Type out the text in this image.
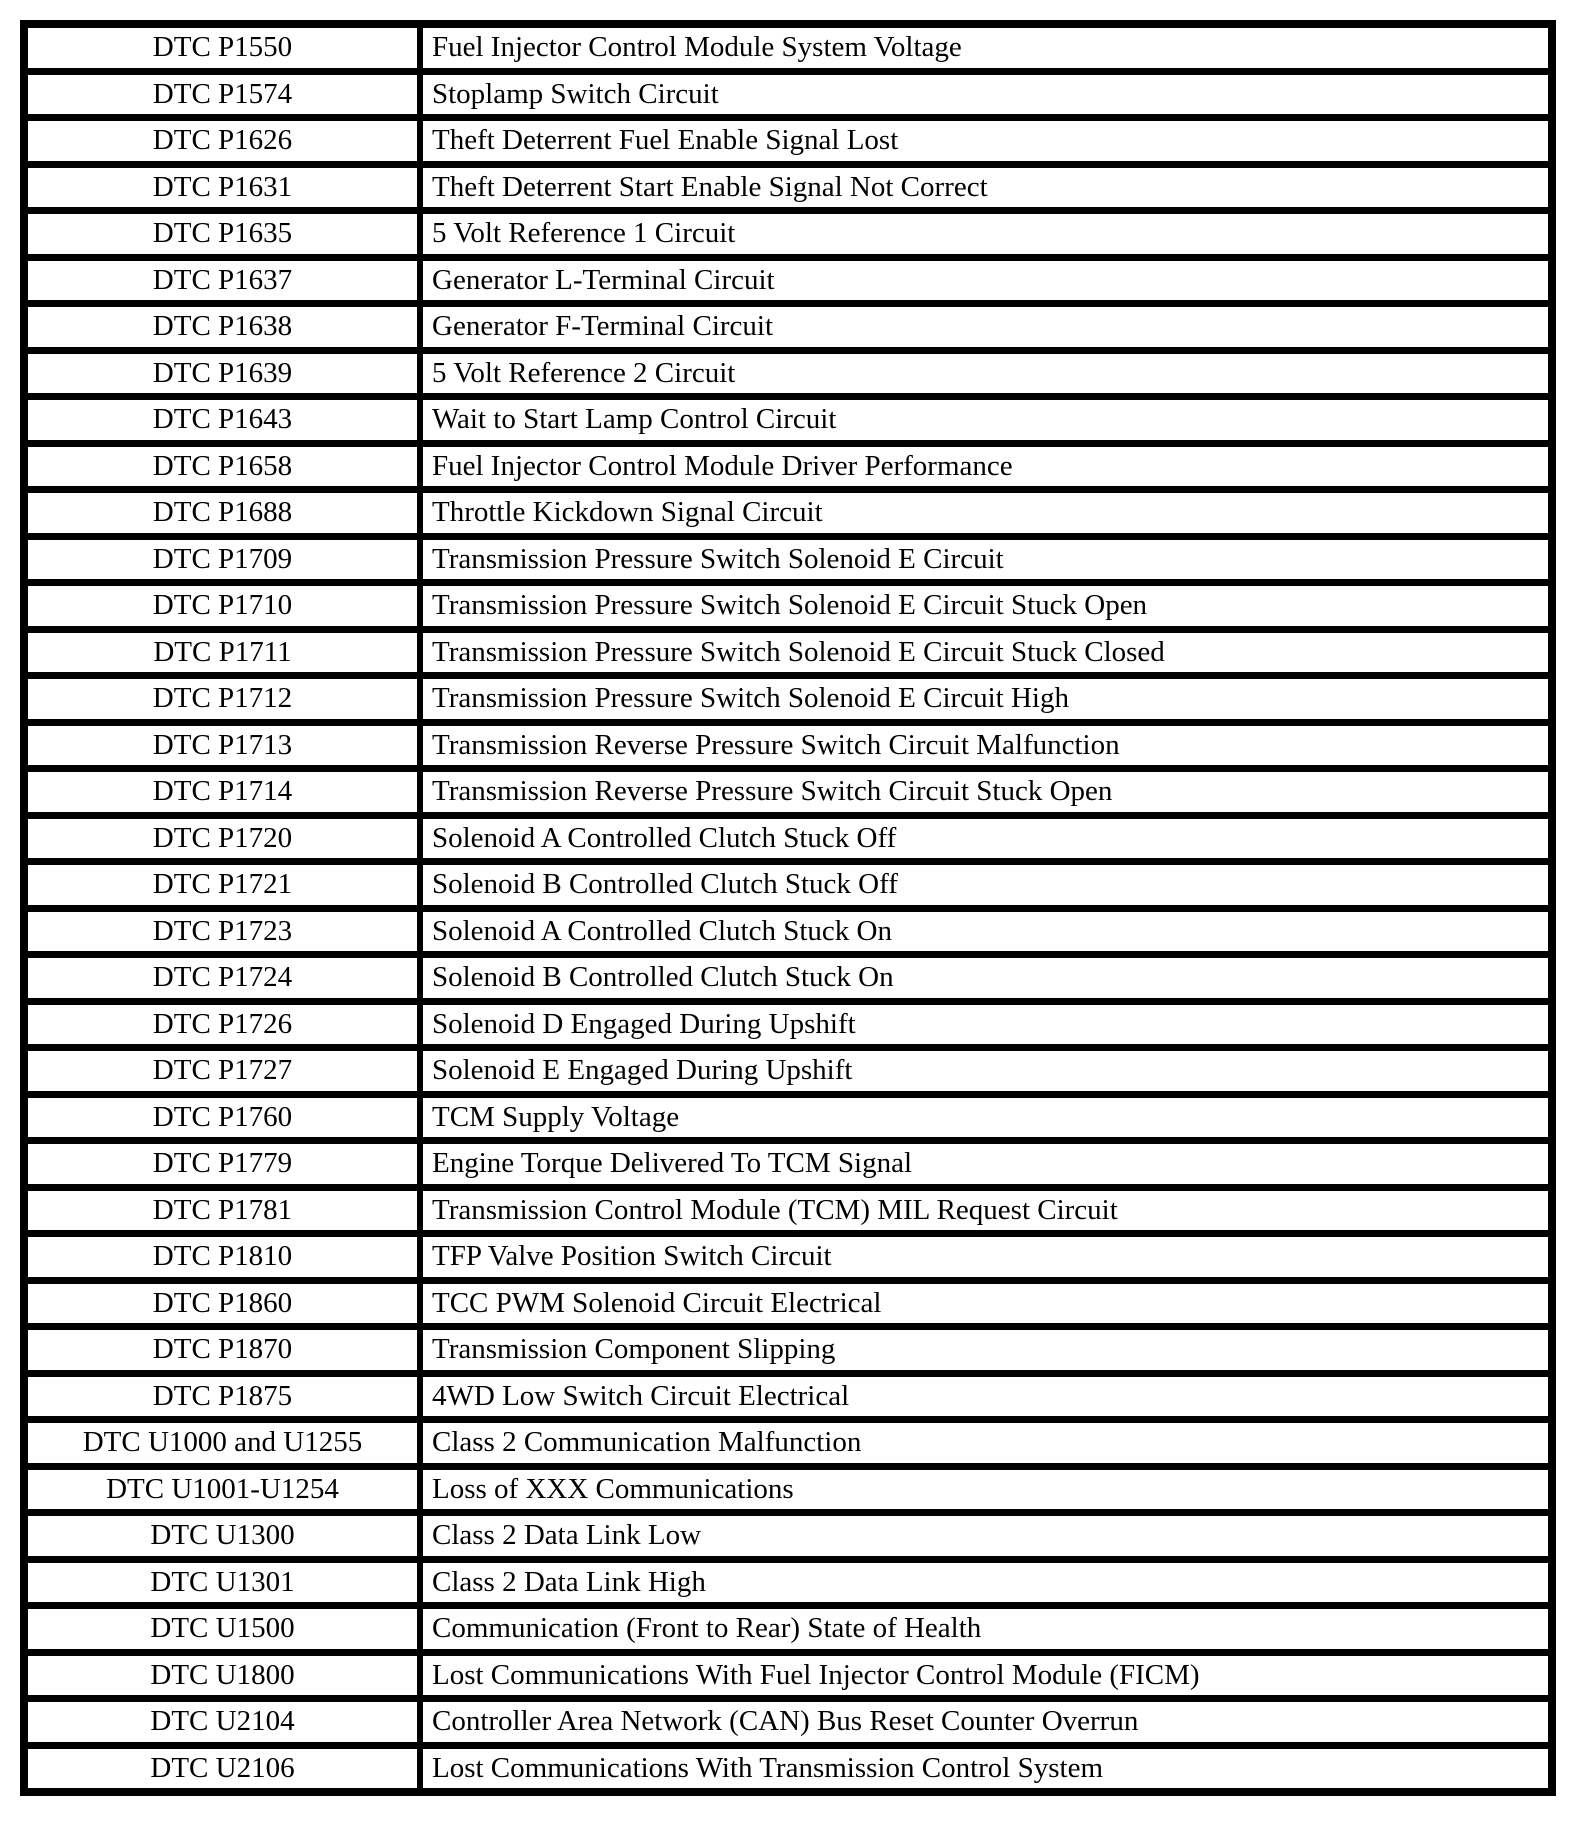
DTC P1550	Fuel Injector Control Module System Voltage
DTC P1574	Stoplamp Switch Circuit
DTC P1626	Theft Deterrent Fuel Enable Signal Lost
DTC P1631	Theft Deterrent Start Enable Signal Not Correct
DTC P1635	5 Volt Reference 1 Circuit
DTC P1637	Generator L-Terminal Circuit
DTC P1638	Generator F-Terminal Circuit
DTC P1639	5 Volt Reference 2 Circuit
DTC P1643	Wait to Start Lamp Control Circuit
DTC P1658	Fuel Injector Control Module Driver Performance
DTC P1688	Throttle Kickdown Signal Circuit
DTC P1709	Transmission Pressure Switch Solenoid E Circuit
DTC P1710	Transmission Pressure Switch Solenoid E Circuit Stuck Open
DTC P1711	Transmission Pressure Switch Solenoid E Circuit Stuck Closed
DTC P1712	Transmission Pressure Switch Solenoid E Circuit High
DTC P1713	Transmission Reverse Pressure Switch Circuit Malfunction
DTC P1714	Transmission Reverse Pressure Switch Circuit Stuck Open
DTC P1720	Solenoid A Controlled Clutch Stuck Off
DTC P1721	Solenoid B Controlled Clutch Stuck Off
DTC P1723	Solenoid A Controlled Clutch Stuck On
DTC P1724	Solenoid B Controlled Clutch Stuck On
DTC P1726	Solenoid D Engaged During Upshift
DTC P1727	Solenoid E Engaged During Upshift
DTC P1760	TCM Supply Voltage
DTC P1779	Engine Torque Delivered To TCM Signal
DTC P1781	Transmission Control Module (TCM) MIL Request Circuit
DTC P1810	TFP Valve Position Switch Circuit
DTC P1860	TCC PWM Solenoid Circuit Electrical
DTC P1870	Transmission Component Slipping
DTC P1875	4WD Low Switch Circuit Electrical
DTC U1000 and U1255	Class 2 Communication Malfunction
DTC U1001-U1254	Loss of XXX Communications
DTC U1300	Class 2 Data Link Low
DTC U1301	Class 2 Data Link High
DTC U1500	Communication (Front to Rear) State of Health
DTC U1800	Lost Communications With Fuel Injector Control Module (FICM)
DTC U2104	Controller Area Network (CAN) Bus Reset Counter Overrun
DTC U2106	Lost Communications With Transmission Control System
